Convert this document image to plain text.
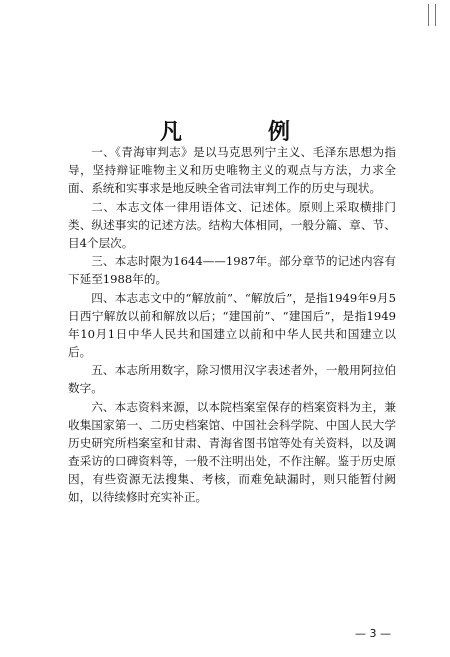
凡　例

一、《青海审判志》是以马克思列宁主义、毛泽东思想为指导，坚持辩证唯物主义和历史唯物主义的观点与方法，力求全面、系统和实事求是地反映全省司法审判工作的历史与现状。

二、本志文体一律用语体文、记述体。原则上采取横排门类、纵述事实的记述方法。结构大体相同，一般分篇、章、节、目4个层次。

三、本志时限为1644——1987年。部分章节的记述内容有下延至1988年的。

四、本志志文中的“解放前”、“解放后”，是指1949年9月5日西宁解放以前和解放以后；“建国前”、“建国后”，是指1949年10月1日中华人民共和国建立以前和中华人民共和国建立以后。

五、本志所用数字，除习惯用汉字表述者外，一般用阿拉伯数字。

六、本志资料来源，以本院档案室保存的档案资料为主，兼收集国家第一、二历史档案馆、中国社会科学院、中国人民大学历史研究所档案室和甘肃、青海省图书馆等处有关资料，以及调查采访的口碑资料等，一般不注明出处，不作注解。鉴于历史原因，有些资源无法搜集、考核，而难免缺漏时，则只能暂付阙如，以待续修时充实补正。

— 3 —
